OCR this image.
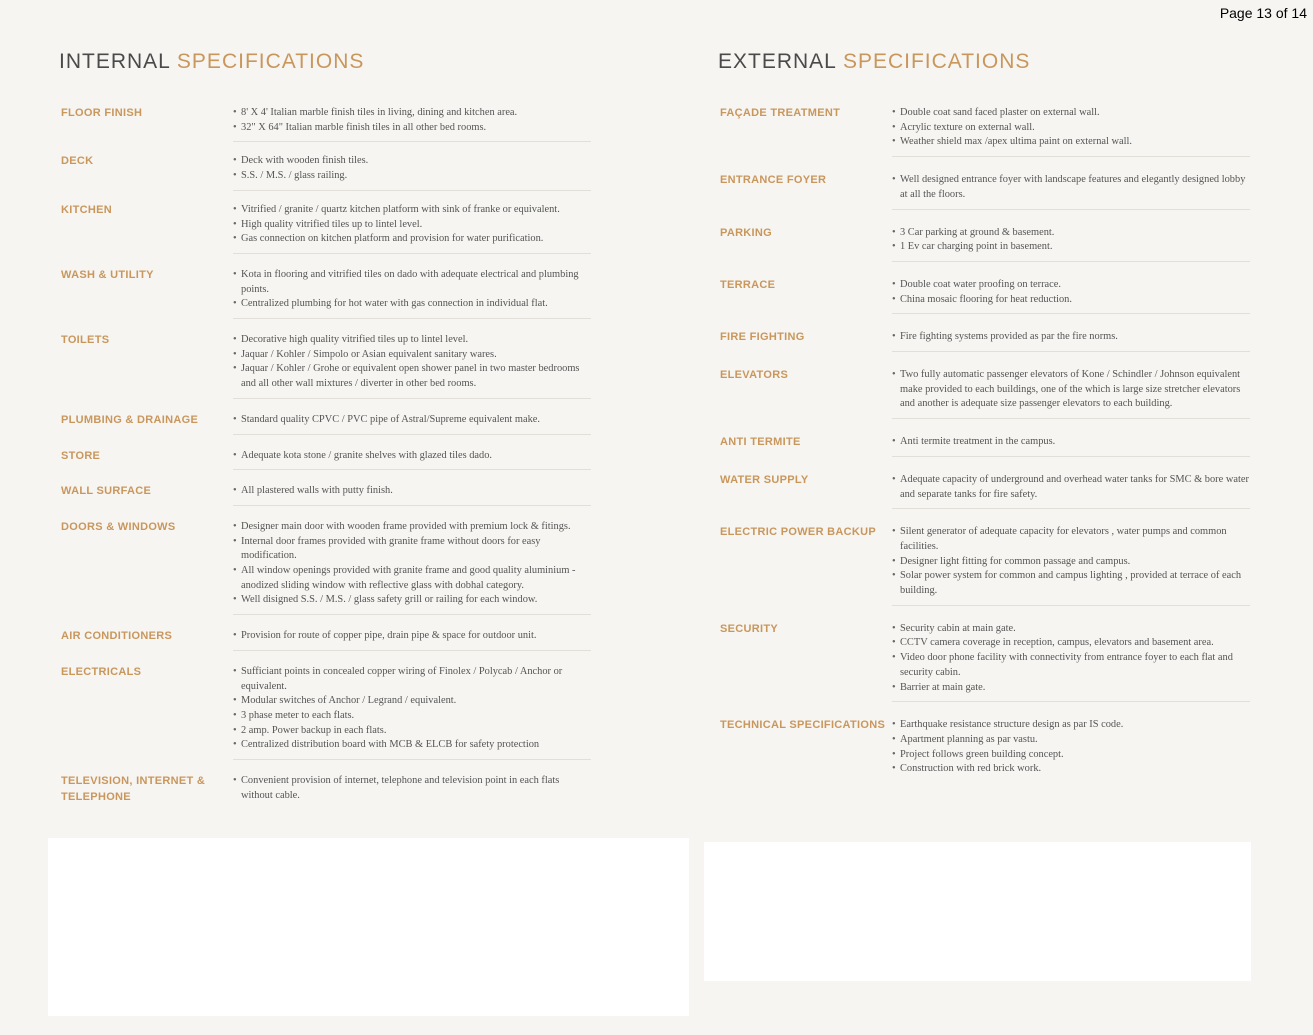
Page 13 of 14
INTERNAL SPECIFICATIONS
FLOOR FINISH	• 8' X 4' Italian marble finish tiles in living, dining and kitchen area.
• 32" X 64" Italian marble finish tiles in all other bed rooms.
DECK	• Deck with wooden finish tiles.
• S.S. / M.S. / glass railing.
KITCHEN	• Vitrified / granite / quartz kitchen platform with sink of franke or equivalent.
• High quality vitrified tiles up to lintel level.
• Gas connection on kitchen platform and provision for water purification.
WASH & UTILITY	• Kota in flooring and vitrified tiles on dado with adequate electrical and plumbing points.
• Centralized plumbing for hot water with gas connection in individual flat.
TOILETS	• Decorative high quality vitrified tiles up to lintel level.
• Jaquar / Kohler / Simpolo or Asian equivalent sanitary wares.
• Jaquar / Kohler / Grohe or equivalent open shower panel in two master bedrooms and all other wall mixtures / diverter in other bed rooms.
PLUMBING & DRAINAGE	• Standard quality CPVC / PVC pipe of Astral/Supreme equivalent make.
STORE	• Adequate kota stone / granite shelves with glazed tiles dado.
WALL SURFACE	• All plastered walls with putty finish.
DOORS & WINDOWS	• Designer main door with wooden frame provided with premium lock & fitings.
• Internal door frames provided with granite frame without doors for easy modification.
• All window openings provided with granite frame and good quality aluminium - anodized sliding window with reflective glass with dobhal category.
• Well disigned S.S. / M.S. / glass safety grill or railing for each window.
AIR CONDITIONERS	• Provision for route of copper pipe, drain pipe & space for outdoor unit.
ELECTRICALS	• Sufficiant points in concealed copper wiring of Finolex / Polycab / Anchor or equivalent.
• Modular switches of Anchor / Legrand / equivalent.
• 3 phase meter to each flats.
• 2 amp. Power backup in each flats.
• Centralized distribution board with MCB & ELCB for safety protection
TELEVISION, INTERNET & TELEPHONE
• Convenient provision of internet, telephone and television point in each flats without cable.
EXTERNAL SPECIFICATIONS
FAÇADE TREATMENT	• Double coat sand faced plaster on external wall.
• Acrylic texture on external wall.
• Weather shield max /apex ultima paint on external wall.
ENTRANCE FOYER	• Well designed entrance foyer with landscape features and elegantly designed lobby at all the floors.
PARKING	• 3 Car parking at ground & basement.
• 1 Ev car charging point in basement.
TERRACE	• Double coat water proofing on terrace.
• China mosaic flooring for heat reduction.
FIRE FIGHTING	• Fire fighting systems provided as par the fire norms.
ELEVATORS	• Two fully automatic passenger elevators of Kone / Schindler / Johnson equivalent make provided to each buildings, one of the which is large size stretcher elevators and another is adequate size passenger elevators to each building.
ANTI TERMITE	• Anti termite treatment in the campus.
WATER SUPPLY	• Adequate capacity of underground and overhead water tanks for SMC & bore water and separate tanks for fire safety.
ELECTRIC POWER BACKUP	• Silent generator of adequate capacity for elevators , water pumps and common facilities.
• Designer light fitting for common passage and campus.
• Solar power system for common and campus lighting , provided at terrace of each building.
SECURITY	• Security cabin at main gate.
• CCTV camera coverage in reception, campus, elevators and basement area.
• Video door phone facility with connectivity from entrance foyer to each flat and security cabin.
• Barrier at main gate.
TECHNICAL SPECIFICATIONS	• Earthquake resistance structure design as par IS code.
• Apartment planning as par vastu.
• Project follows green building concept.
• Construction with red brick work.
